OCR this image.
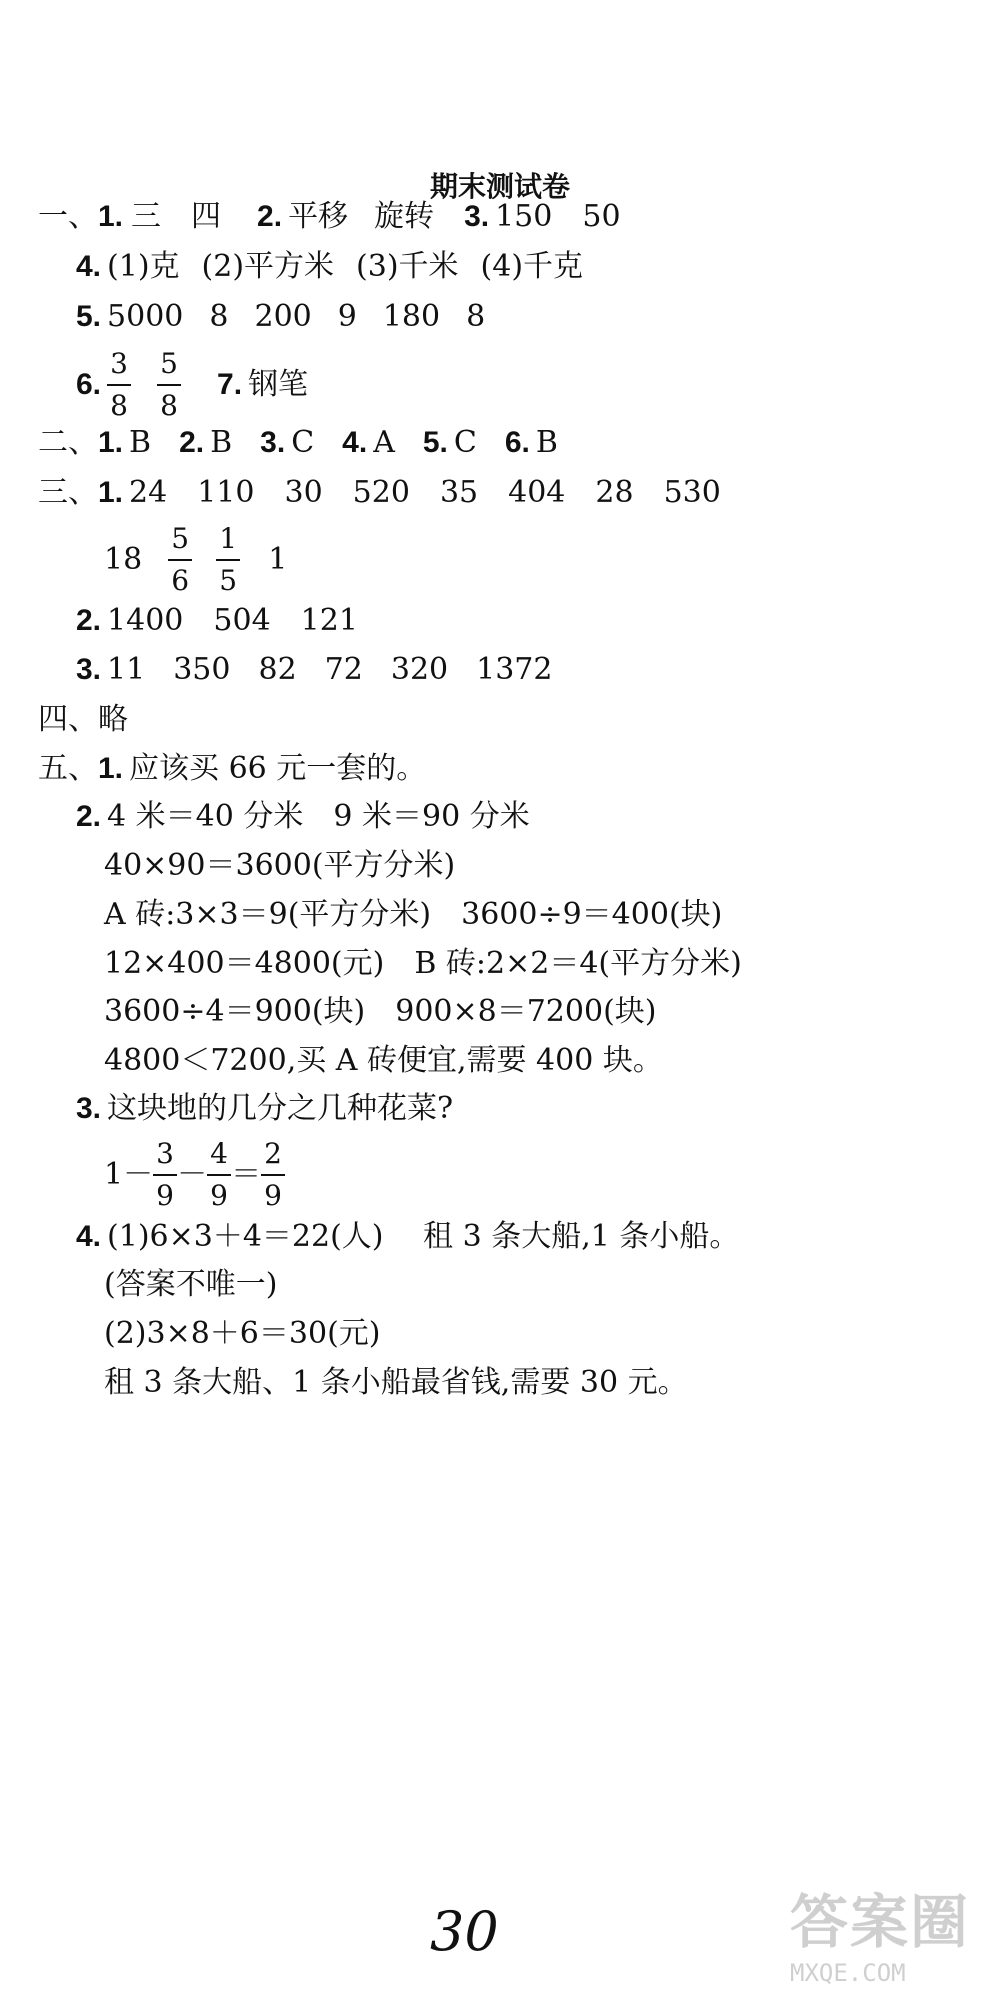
期末测试卷
一、 1. 三 四 2. 平移 旋转 3. 150 50
4. (1)克 (2)平方米 (3)千米 (4)千克
5. 5000 8 200 9 180 8
6. $\frac{3}{8} \frac{5}{8} 7$. 钢笔
二、 1. B 2. B 3. C 4. A 5. C 6. B
三、 1. 24 110 30 520 35 404 28 530
$18 \frac{5}{6} \frac{1}{5} 1$
2. 1400 504 121
3. 11 350 82 72 320 1372
四、 略
五、 1. 应该买 66 元一套的。
2. 4 米＝40 分米　9 米＝90 分米
40×90＝3600(平方分米)
A 砖:3×3＝9(平方分米)　3600÷9＝400(块)
12×400＝4800(元)　B 砖:2×2＝4(平方分米)
3600÷4＝900(块)　900×8＝7200(块)
4800＜7200,买 A 砖便宜,需要 400 块。
3. 这块地的几分之几种花菜?
$1- \frac{3}{9} - \frac{4}{9} = \frac{2}{9}$
4. (1)6×3＋4＝22(人)　 租 3 条大船,1 条小船。
(答案不唯一)
(2)3×8＋6＝30(元)
租 3 条大船、1 条小船最省钱,需要 30 元。
30	答案圈
MXQE.COM
